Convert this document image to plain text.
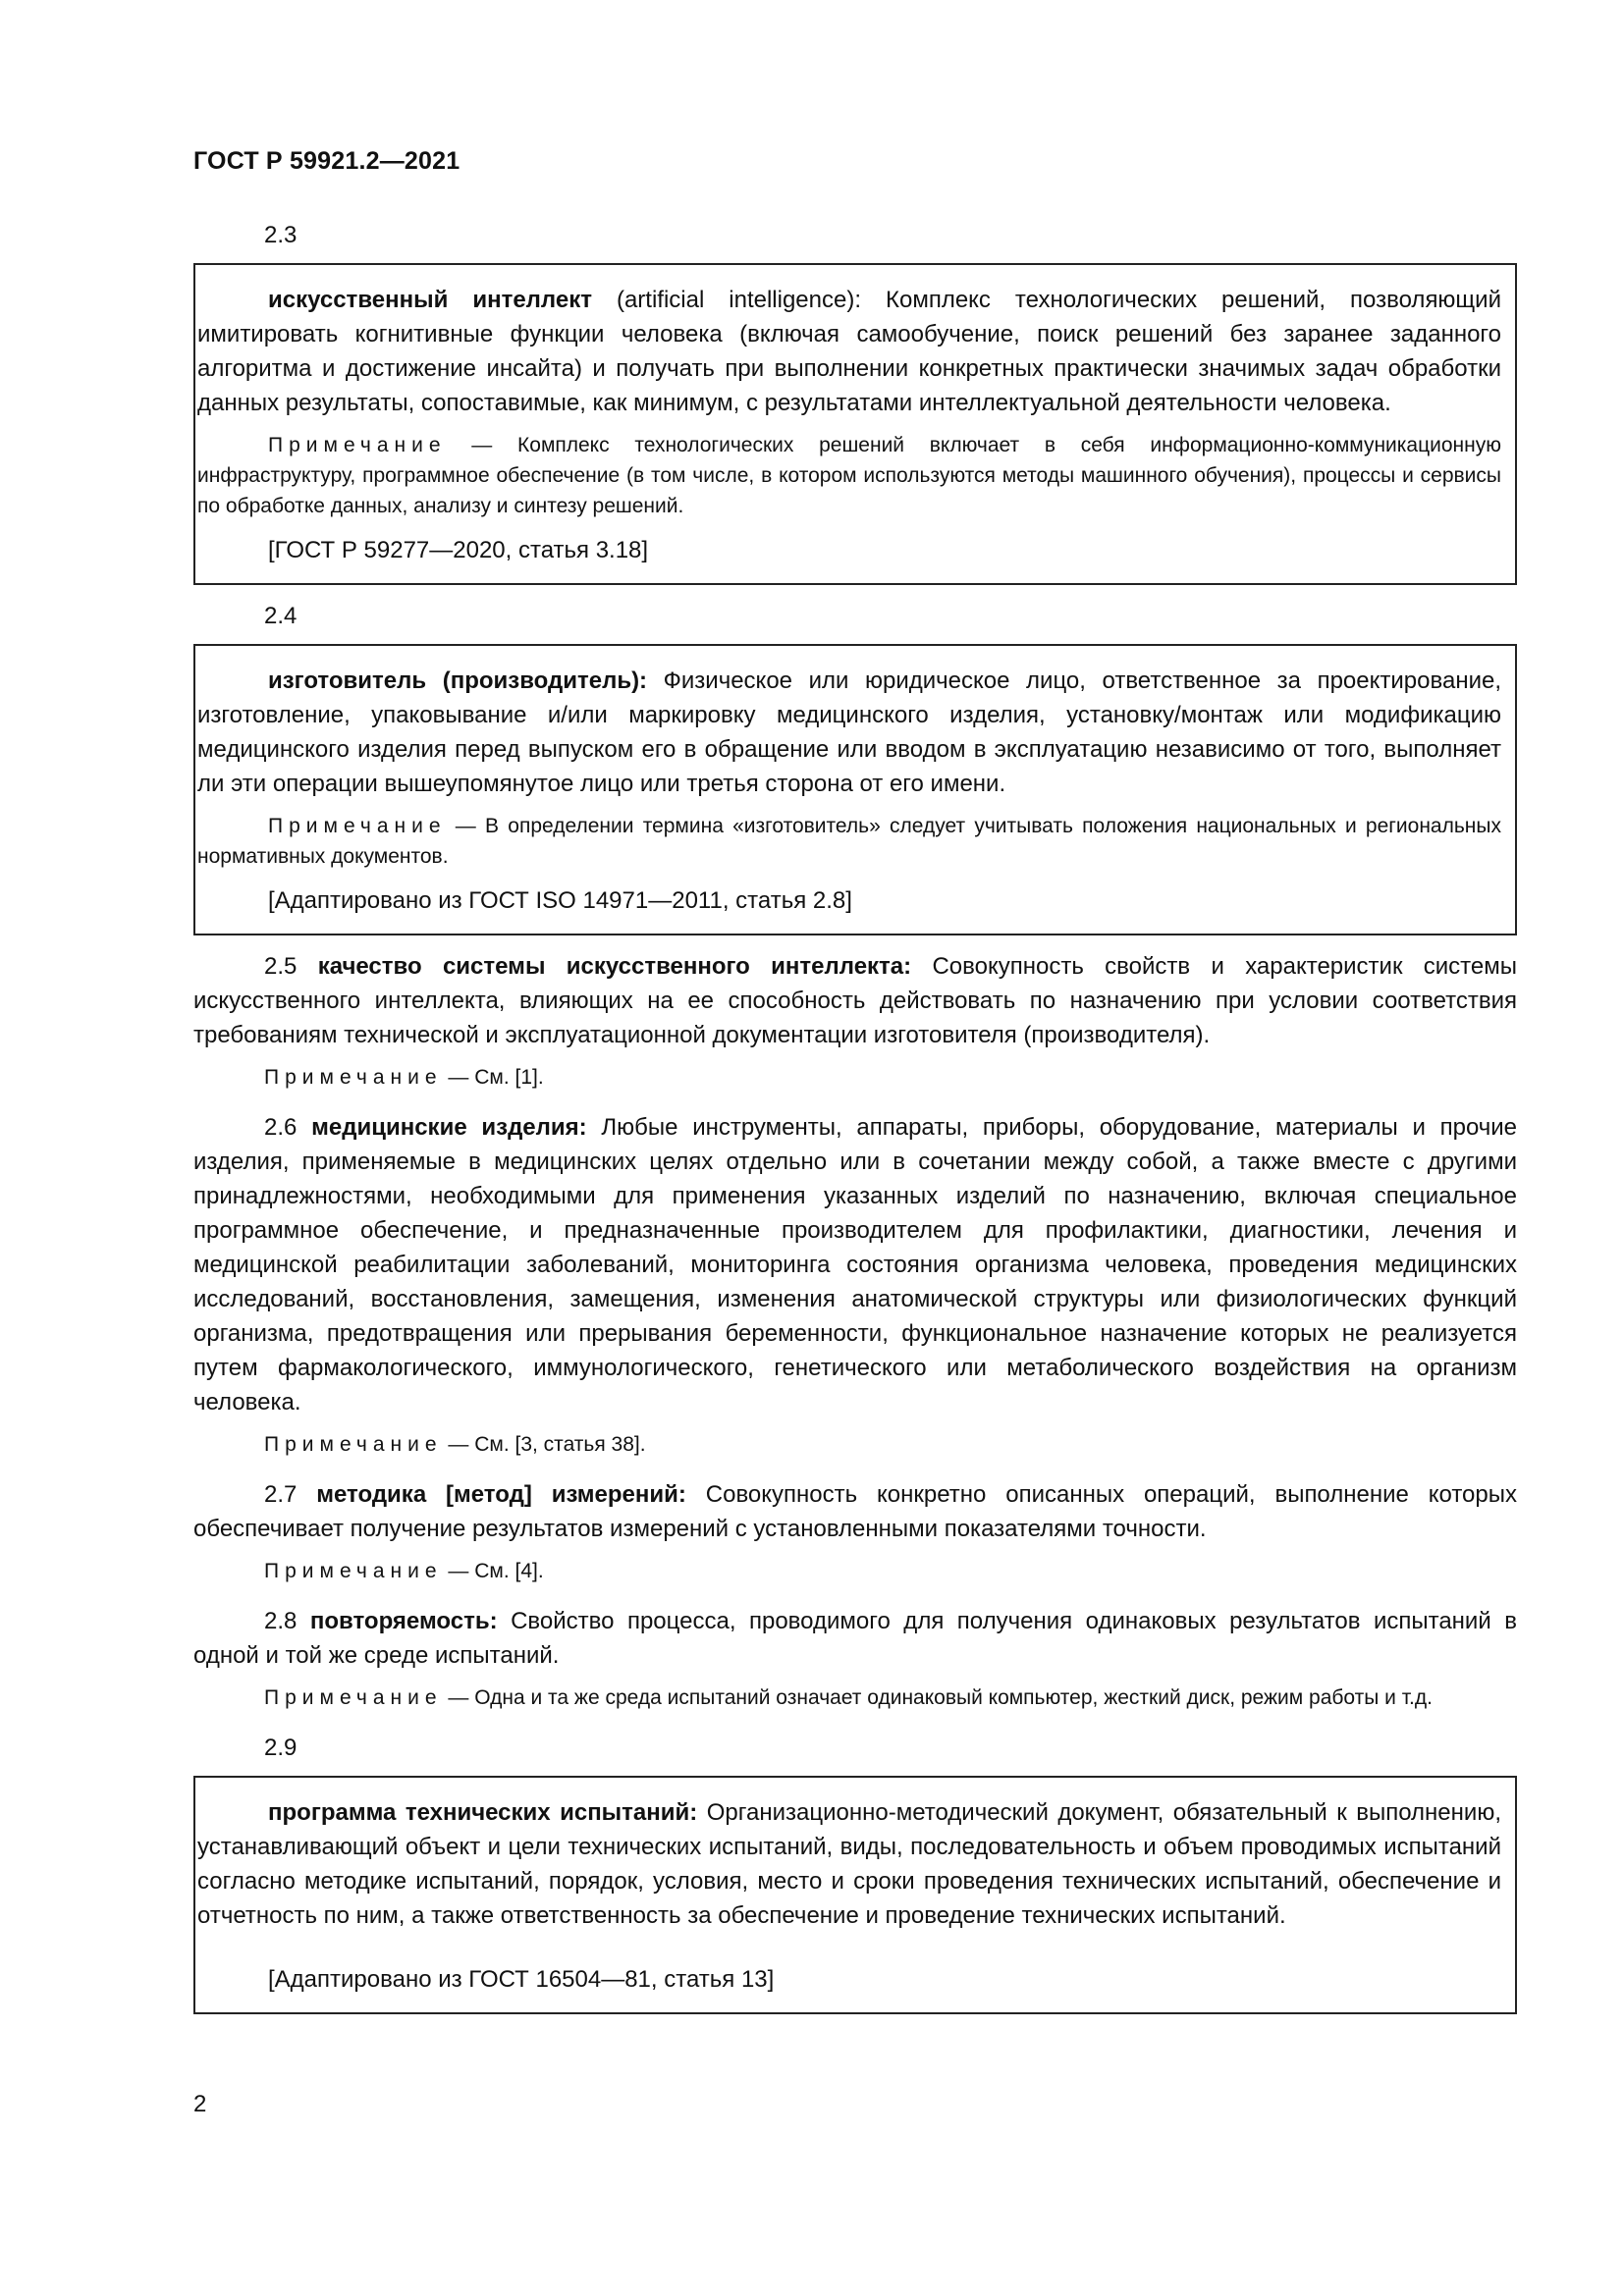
ГОСТ Р 59921.2—2021
2.3

искусственный интеллект (artificial intelligence): Комплекс технологических решений, позволяющий имитировать когнитивные функции человека (включая самообучение, поиск решений без заранее заданного алгоритма и достижение инсайта) и получать при выполнении конкретных практически значимых задач обработки данных результаты, сопоставимые, как минимум, с результатами интеллектуальной деятельности человека.

Примечание — Комплекс технологических решений включает в себя информационно-коммуникационную инфраструктуру, программное обеспечение (в том числе, в котором используются методы машинного обучения), процессы и сервисы по обработке данных, анализу и синтезу решений.

[ГОСТ Р 59277—2020, статья 3.18]

2.4

изготовитель (производитель): Физическое или юридическое лицо, ответственное за проектирование, изготовление, упаковывание и/или маркировку медицинского изделия, установку/монтаж или модификацию медицинского изделия перед выпуском его в обращение или вводом в эксплуатацию независимо от того, выполняет ли эти операции вышеупомянутое лицо или третья сторона от его имени.

Примечание — В определении термина «изготовитель» следует учитывать положения национальных и региональных нормативных документов.

[Адаптировано из ГОСТ ISO 14971—2011, статья 2.8]

2.5 качество системы искусственного интеллекта: Совокупность свойств и характеристик системы искусственного интеллекта, влияющих на ее способность действовать по назначению при условии соответствия требованиям технической и эксплуатационной документации изготовителя (производителя).

Примечание — См. [1].

2.6 медицинские изделия: Любые инструменты, аппараты, приборы, оборудование, материалы и прочие изделия, применяемые в медицинских целях отдельно или в сочетании между собой, а также вместе с другими принадлежностями, необходимыми для применения указанных изделий по назначению, включая специальное программное обеспечение, и предназначенные производителем для профилактики, диагностики, лечения и медицинской реабилитации заболеваний, мониторинга состояния организма человека, проведения медицинских исследований, восстановления, замещения, изменения анатомической структуры или физиологических функций организма, предотвращения или прерывания беременности, функциональное назначение которых не реализуется путем фармакологического, иммунологического, генетического или метаболического воздействия на организм человека.

Примечание — См. [3, статья 38].

2.7 методика [метод] измерений: Совокупность конкретно описанных операций, выполнение которых обеспечивает получение результатов измерений с установленными показателями точности.

Примечание — См. [4].

2.8 повторяемость: Свойство процесса, проводимого для получения одинаковых результатов испытаний в одной и той же среде испытаний.

Примечание — Одна и та же среда испытаний означает одинаковый компьютер, жесткий диск, режим работы и т.д.

2.9

программа технических испытаний: Организационно-методический документ, обязательный к выполнению, устанавливающий объект и цели технических испытаний, виды, последовательность и объем проводимых испытаний согласно методике испытаний, порядок, условия, место и сроки проведения технических испытаний, обеспечение и отчетность по ним, а также ответственность за обеспечение и проведение технических испытаний.

[Адаптировано из ГОСТ 16504—81, статья 13]

2
